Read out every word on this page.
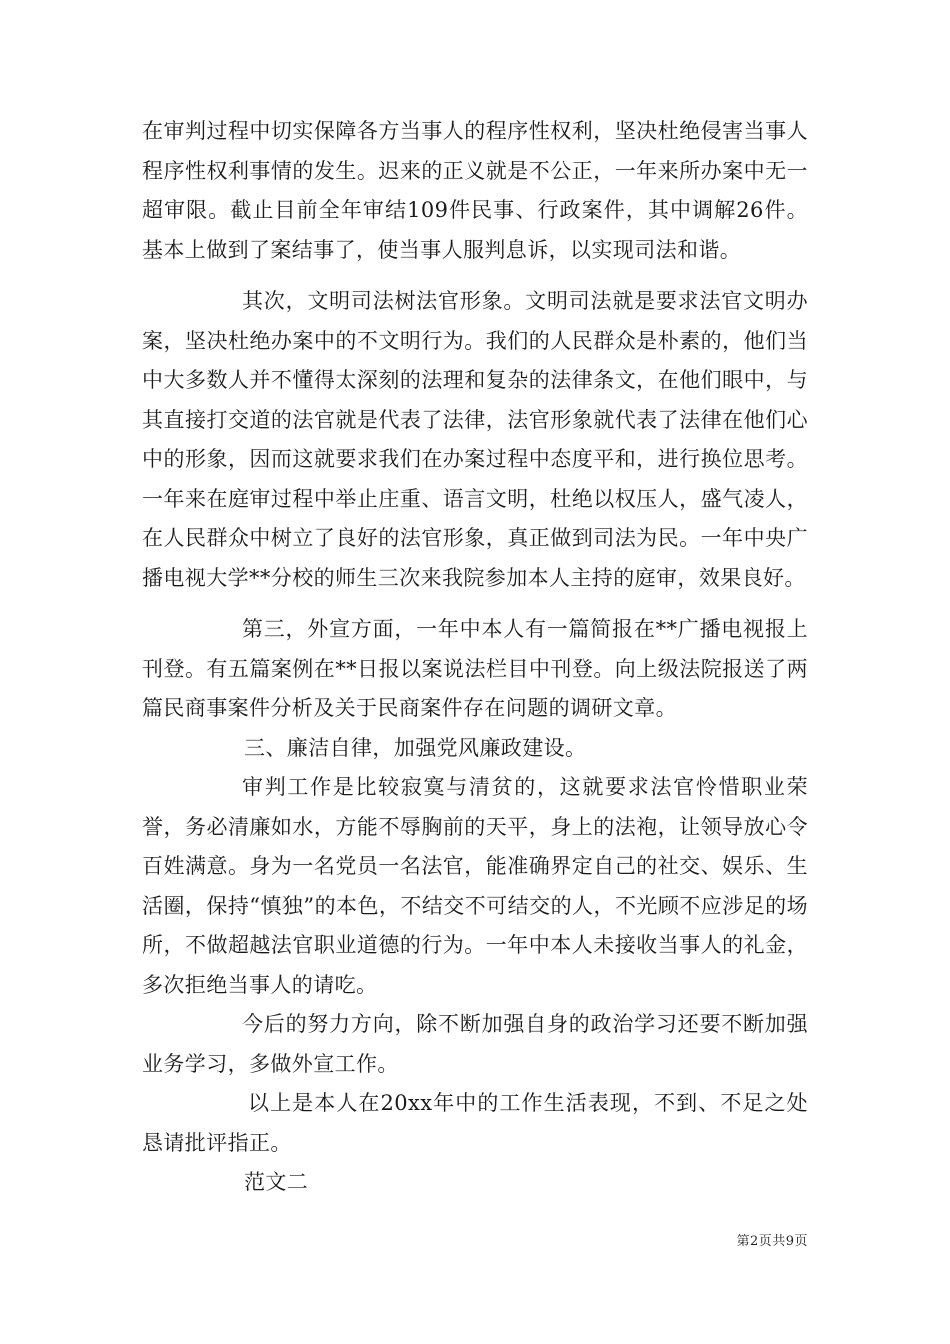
在审判过程中切实保障各方当事人的程序性权利，坚决杜绝侵害当事人程序性权利事情的发生。迟来的正义就是不公正，一年来所办案中无一超审限。截止目前全年审结109件民事、行政案件，其中调解26件。基本上做到了案结事了，使当事人服判息诉，以实现司法和谐。

其次，文明司法树法官形象。文明司法就是要求法官文明办案，坚决杜绝办案中的不文明行为。我们的人民群众是朴素的，他们当中大多数人并不懂得太深刻的法理和复杂的法律条文，在他们眼中，与其直接打交道的法官就是代表了法律，法官形象就代表了法律在他们心中的形象，因而这就要求我们在办案过程中态度平和，进行换位思考。一年来在庭审过程中举止庄重、语言文明，杜绝以权压人，盛气凌人，在人民群众中树立了良好的法官形象，真正做到司法为民。一年中央广播电视大学**分校的师生三次来我院参加本人主持的庭审，效果良好。

第三，外宣方面，一年中本人有一篇简报在**广播电视报上刊登。有五篇案例在**日报以案说法栏目中刊登。向上级法院报送了两篇民商事案件分析及关于民商案件存在问题的调研文章。

三、廉洁自律，加强党风廉政建设。

审判工作是比较寂寞与清贫的，这就要求法官怜惜职业荣誉，务必清廉如水，方能不辱胸前的天平，身上的法袍，让领导放心令百姓满意。身为一名党员一名法官，能准确界定自己的社交、娱乐、生活圈，保持“慎独”的本色，不结交不可结交的人，不光顾不应涉足的场所，不做超越法官职业道德的行为。一年中本人未接收当事人的礼金，多次拒绝当事人的请吃。

今后的努力方向，除不断加强自身的政治学习还要不断加强业务学习，多做外宣工作。

以上是本人在20xx年中的工作生活表现，不到、不足之处恳请批评指正。

范文二

第2页共9页
